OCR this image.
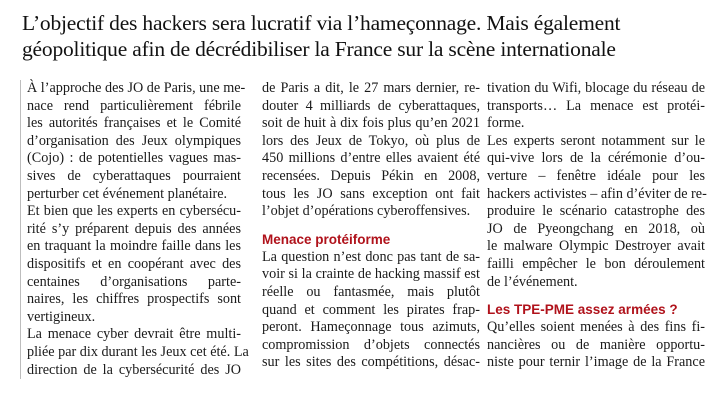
L’objectif des hackers sera lucratif via l’hameçonnage. Mais également
géopolitique afin de décrédibiliser la France sur la scène internationale
À l’approche des JO de Paris, une me-
nace rend particulièrement fébrile
les autorités françaises et le Comité
d’organisation des Jeux olympiques
(Cojo) : de potentielles vagues mas-
sives de cyberattaques pourraient
perturber cet événement planétaire.
Et bien que les experts en cybersécu-
rité s’y préparent depuis des années
en traquant la moindre faille dans les
dispositifs et en coopérant avec des
centaines d’organisations parte-
naires, les chiffres prospectifs sont
vertigineux.
La menace cyber devrait être multi-
pliée par dix durant les Jeux cet été. La
direction de la cybersécurité des JO
de Paris a dit, le 27 mars dernier, re-
douter 4 milliards de cyberattaques,
soit de huit à dix fois plus qu’en 2021
lors des Jeux de Tokyo, où plus de
450 millions d’entre elles avaient été
recensées. Depuis Pékin en 2008,
tous les JO sans exception ont fait
l’objet d’opérations cyberoffensives.
Menace protéiforme
La question n’est donc pas tant de sa-
voir si la crainte de hacking massif est
réelle ou fantasmée, mais plutôt
quand et comment les pirates frap-
peront. Hameçonnage tous azimuts,
compromission d’objets connectés
sur les sites des compétitions, désac-
tivation du Wifi, blocage du réseau de
transports… La menace est protéi-
forme.
Les experts seront notamment sur le
qui-vive lors de la cérémonie d’ou-
verture – fenêtre idéale pour les
hackers activistes – afin d’éviter de re-
produire le scénario catastrophe des
JO de Pyeongchang en 2018, où
le malware Olympic Destroyer avait
failli empêcher le bon déroulement
de l’événement.
Les TPE-PME assez armées ?
Qu’elles soient menées à des fins fi-
nancières ou de manière opportu-
niste pour ternir l’image de la France
